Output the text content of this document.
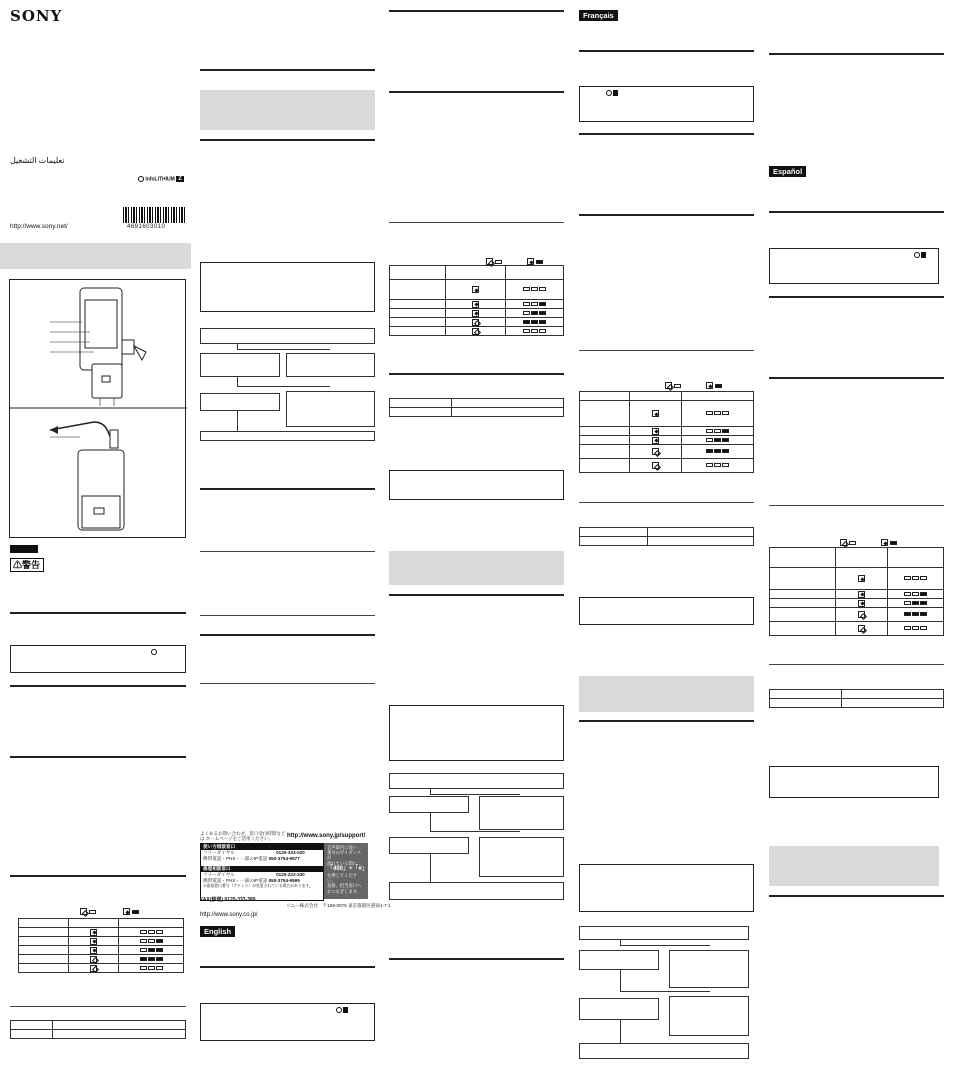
SONY
تعليمات التشغيل
InfoLITHIUM Z
http://www.sony.net/	4691603010
⚠警告

よくあるお問い合わせ、窓口受付時間などは ホームページをご活用ください。	http://www.sony.jp/support/
使い方相談窓口
フリーダイヤル	0120-333-020
携帯電話・PHS・一部のIP電話 050-3754-9577
修理相談窓口
フリーダイヤル	0120-222-330
携帯電話・PHS・一部のIP電話 050-3754-9599
※取扱窓口番号（アドレス）が変更されている場合があります。
FAX(修理) 0120-333-389
音声案内に従い、
番号のガイダンスが
流れている間に
「400」+「#」
を押してください。
直接、担当窓口へ
おつなぎします。
ソニー株式会社　〒108-0075 東京都港区港南1-7-1
http://www.sony.co.jp/
English

Français

Español
